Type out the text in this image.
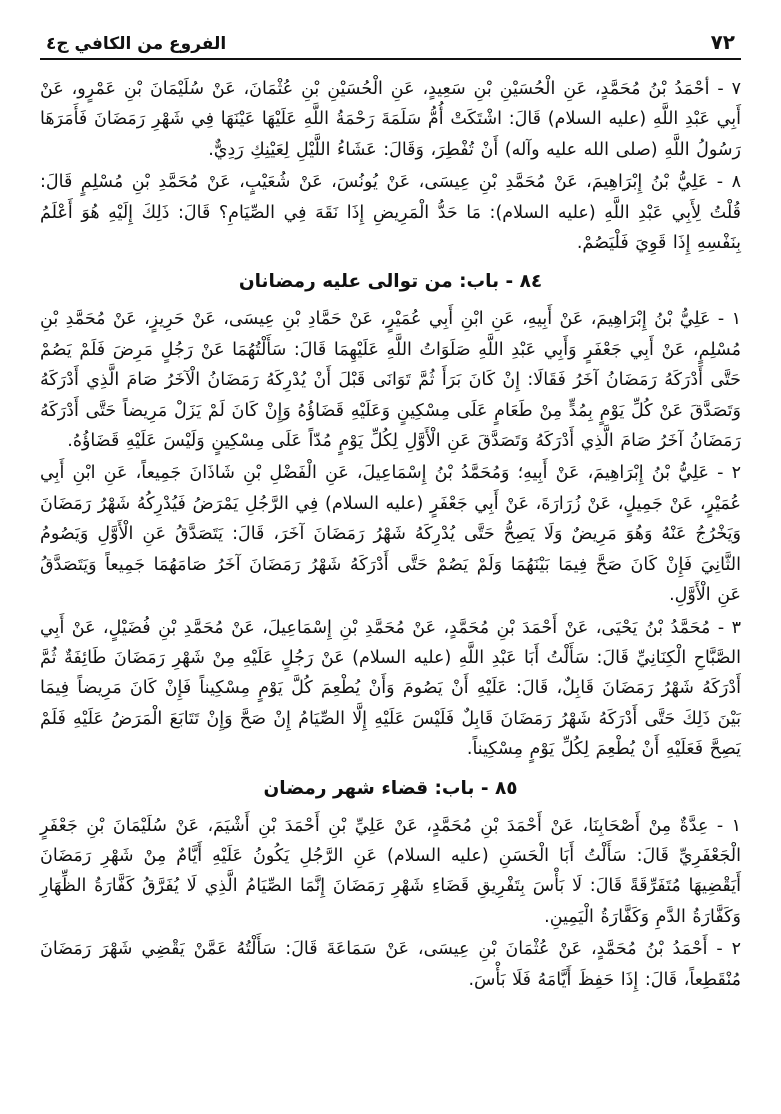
٧٢
الفروع من الكافي ج٤

٧ - أحْمَدُ بْنُ مُحَمَّدٍ، عَنِ الْحُسَيْنِ بْنِ سَعِيدٍ، عَنِ الْحُسَيْنِ بْنِ عُثْمَانَ، عَنْ سُلَيْمَانَ بْنِ عَمْرٍو، عَنْ أَبِي عَبْدِ اللَّهِ (عليه السلام) قَالَ: اشْتَكَتْ أُمُّ سَلَمَةَ رَحْمَةُ اللَّهِ عَلَيْهَا عَيْنَهَا فِي شَهْرِ رَمَضَانَ فَأَمَرَهَا رَسُولُ اللَّهِ (صلى الله عليه وآله) أَنْ تُفْطِرَ، وَقَالَ: عَشَاءُ اللَّيْلِ لِعَيْنِكِ رَدِيٌّ.

٨ - عَلِيُّ بْنُ إِبْرَاهِيمَ، عَنْ مُحَمَّدِ بْنِ عِيسَى، عَنْ يُونُسَ، عَنْ شُعَيْبٍ، عَنْ مُحَمَّدِ بْنِ مُسْلِمٍ قَالَ: قُلْتُ لِأَبِي عَبْدِ اللَّهِ (عليه السلام): مَا حَدُّ الْمَرِيضِ إِذَا نَقَهَ فِي الصِّيَامِ؟ قَالَ: ذَلِكَ إِلَيْهِ هُوَ أَعْلَمُ بِنَفْسِهِ إِذَا قَوِيَ فَلْيَصُمْ.

٨٤ - باب: من توالى عليه رمضانان

١ - عَلِيُّ بْنُ إِبْرَاهِيمَ، عَنْ أَبِيهِ، عَنِ ابْنِ أَبِي عُمَيْرٍ، عَنْ حَمَّادِ بْنِ عِيسَى، عَنْ حَرِيزٍ، عَنْ مُحَمَّدِ بْنِ مُسْلِمٍ، عَنْ أَبِي جَعْفَرٍ وَأَبِي عَبْدِ اللَّهِ صَلَوَاتُ اللَّهِ عَلَيْهِمَا قَالَ: سَأَلْتُهُمَا عَنْ رَجُلٍ مَرِضَ فَلَمْ يَصُمْ حَتَّى أَدْرَكَهُ رَمَضَانُ آخَرُ فَقَالَا: إِنْ كَانَ بَرَأَ ثُمَّ تَوَانَى قَبْلَ أَنْ يُدْرِكَهُ رَمَضَانُ الْآخَرُ صَامَ الَّذِي أَدْرَكَهُ وَتَصَدَّقَ عَنْ كُلِّ يَوْمٍ بِمُدٍّ مِنْ طَعَامٍ عَلَى مِسْكِينٍ وَعَلَيْهِ قَضَاؤُهُ وَإِنْ كَانَ لَمْ يَزَلْ مَرِيضاً حَتَّى أَدْرَكَهُ رَمَضَانُ آخَرُ صَامَ الَّذِي أَدْرَكَهُ وَتَصَدَّقَ عَنِ الْأَوَّلِ لِكُلِّ يَوْمٍ مُدّاً عَلَى مِسْكِينٍ وَلَيْسَ عَلَيْهِ قَضَاؤُهُ.

٢ - عَلِيُّ بْنُ إِبْرَاهِيمَ، عَنْ أَبِيهِ؛ وَمُحَمَّدُ بْنُ إِسْمَاعِيلَ، عَنِ الْفَضْلِ بْنِ شَاذَانَ جَمِيعاً، عَنِ ابْنِ أَبِي عُمَيْرٍ، عَنْ جَمِيلٍ، عَنْ زُرَارَةَ، عَنْ أَبِي جَعْفَرٍ (عليه السلام) فِي الرَّجُلِ يَمْرَضُ فَيُدْرِكُهُ شَهْرُ رَمَضَانَ وَيَخْرُجُ عَنْهُ وَهُوَ مَرِيضٌ وَلَا يَصِحُّ حَتَّى يُدْرِكَهُ شَهْرُ رَمَضَانَ آخَرَ، قَالَ: يَتَصَدَّقُ عَنِ الْأَوَّلِ وَيَصُومُ الثَّانِيَ فَإِنْ كَانَ صَحَّ فِيمَا بَيْنَهُمَا وَلَمْ يَصُمْ حَتَّى أَدْرَكَهُ شَهْرُ رَمَضَانَ آخَرُ صَامَهُمَا جَمِيعاً وَيَتَصَدَّقُ عَنِ الْأَوَّلِ.

٣ - مُحَمَّدُ بْنُ يَحْيَى، عَنْ أَحْمَدَ بْنِ مُحَمَّدٍ، عَنْ مُحَمَّدِ بْنِ إِسْمَاعِيلَ، عَنْ مُحَمَّدِ بْنِ فُضَيْلٍ، عَنْ أَبِي الصَّبَّاحِ الْكِنَانِيِّ قَالَ: سَأَلْتُ أَبَا عَبْدِ اللَّهِ (عليه السلام) عَنْ رَجُلٍ عَلَيْهِ مِنْ شَهْرِ رَمَضَانَ طَائِفَةٌ ثُمَّ أَدْرَكَهُ شَهْرُ رَمَضَانَ قَابِلٌ، قَالَ: عَلَيْهِ أَنْ يَصُومَ وَأَنْ يُطْعِمَ كُلَّ يَوْمٍ مِسْكِيناً فَإِنْ كَانَ مَرِيضاً فِيمَا بَيْنَ ذَلِكَ حَتَّى أَدْرَكَهُ شَهْرُ رَمَضَانَ قَابِلٌ فَلَيْسَ عَلَيْهِ إِلَّا الصِّيَامُ إِنْ صَحَّ وَإِنْ تَتَابَعَ الْمَرَضُ عَلَيْهِ فَلَمْ يَصِحَّ فَعَلَيْهِ أَنْ يُطْعِمَ لِكُلِّ يَوْمٍ مِسْكِيناً.

٨٥ - باب: قضاء شهر رمضان

١ - عِدَّةٌ مِنْ أَصْحَابِنَا، عَنْ أَحْمَدَ بْنِ مُحَمَّدٍ، عَنْ عَلِيِّ بْنِ أَحْمَدَ بْنِ أَشْيَمَ، عَنْ سُلَيْمَانَ بْنِ جَعْفَرٍ الْجَعْفَرِيِّ قَالَ: سَأَلْتُ أَبَا الْحَسَنِ (عليه السلام) عَنِ الرَّجُلِ يَكُونُ عَلَيْهِ أَيَّامٌ مِنْ شَهْرِ رَمَضَانَ أَيَقْضِيهَا مُتَفَرِّقَةً قَالَ: لَا بَأْسَ بِتَفْرِيقِ قَضَاءِ شَهْرِ رَمَضَانَ إِنَّمَا الصِّيَامُ الَّذِي لَا يُفَرَّقُ كَفَّارَةُ الظِّهَارِ وَكَفَّارَةُ الدَّمِ وَكَفَّارَةُ الْيَمِينِ.

٢ - أَحْمَدُ بْنُ مُحَمَّدٍ، عَنْ عُثْمَانَ بْنِ عِيسَى، عَنْ سَمَاعَةَ قَالَ: سَأَلْتُهُ عَمَّنْ يَقْضِي شَهْرَ رَمَضَانَ مُنْقَطِعاً، قَالَ: إِذَا حَفِظَ أَيَّامَهُ فَلَا بَأْسَ.
